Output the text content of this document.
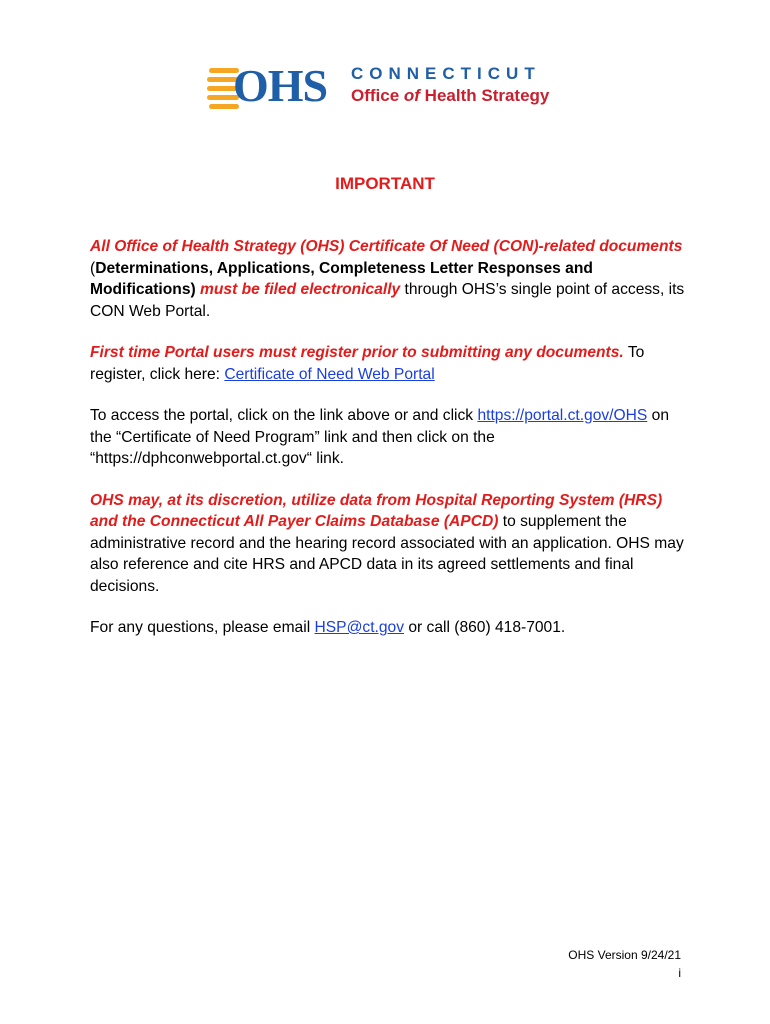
OHS CONNECTICUT
Office of Health Strategy
IMPORTANT

All Office of Health Strategy (OHS) Certificate Of Need (CON)-related documents (Determinations, Applications, Completeness Letter Responses and Modifications) must be filed electronically through OHS’s single point of access, its CON Web Portal.

First time Portal users must register prior to submitting any documents. To register, click here: Certificate of Need Web Portal

To access the portal, click on the link above or and click https://portal.ct.gov/OHS on the “Certificate of Need Program” link and then click on the “https://dphconwebportal.ct.gov“ link.

OHS may, at its discretion, utilize data from Hospital Reporting System (HRS) and the Connecticut All Payer Claims Database (APCD) to supplement the administrative record and the hearing record associated with an application. OHS may also reference and cite HRS and APCD data in its agreed settlements and final decisions.

For any questions, please email HSP@ct.gov or call (860) 418-7001.

OHS Version 9/24/21
i
